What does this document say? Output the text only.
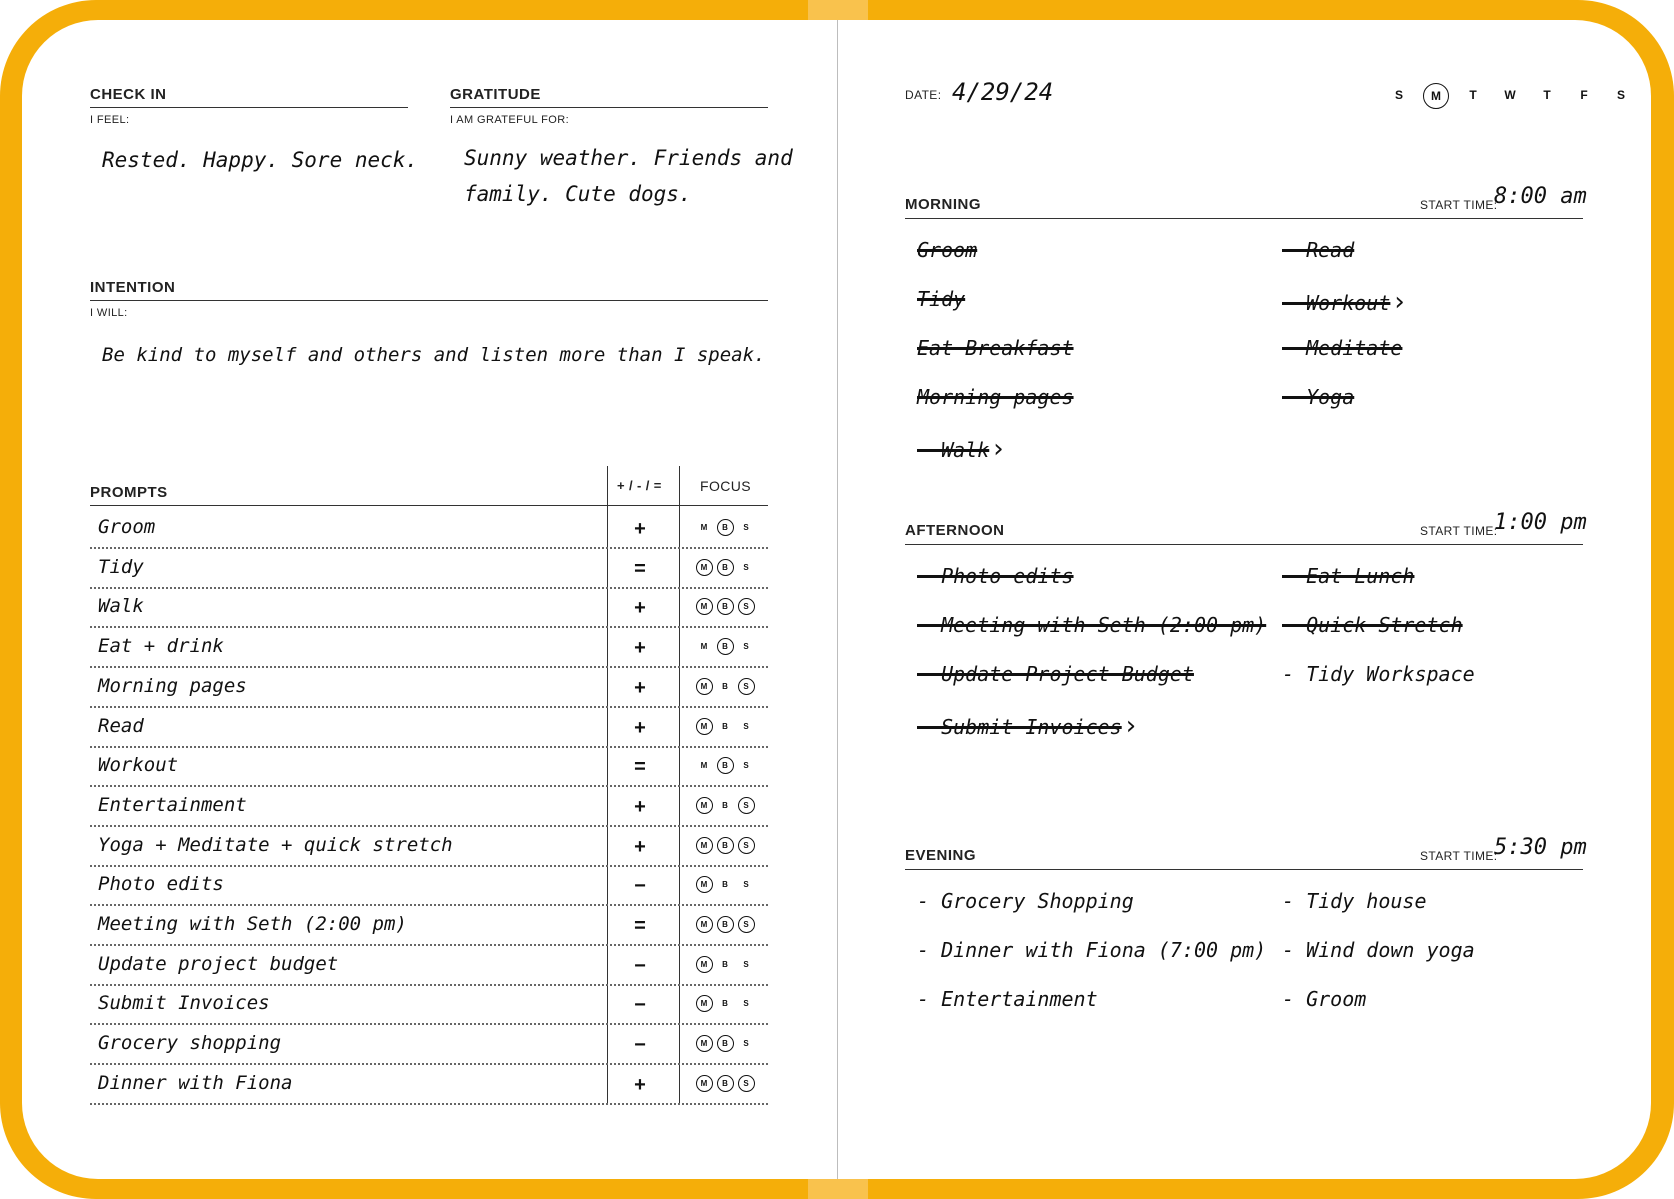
CHECK IN
I FEEL:
Rested. Happy. Sore neck.
GRATITUDE
I AM GRATEFUL FOR:
Sunny weather. Friends and
family. Cute dogs.
INTENTION
I WILL:
Be kind to myself and others and listen more than I speak.
PROMPTS	+ / - / =	FOCUS
Groom	+	M	B	S
Tidy	=	M	B	S
Walk	+	M	B	S
Eat + drink	+	M	B	S
Morning pages	+	M	B	S
Read	+	M	B	S
Workout	=	M	B	S
Entertainment	+	M	B	S
Yoga + Meditate + quick stretch	+	M	B	S
Photo edits	−	M	B	S
Meeting with Seth (2:00 pm)	=	M	B	S
Update project budget	−	M	B	S
Submit Invoices	−	M	B	S
Grocery shopping	−	M	B	S
Dinner with Fiona	+	M	B	S
DATE: 4/29/24	S	M	T	W	T	F	S
MORNING	START TIME:
8:00 am
Groom
Tidy
Eat Breakfast
Morning pages
- Walk ›
- Read
- Workout ›
- Meditate
- Yoga
AFTERNOON	START TIME:
1:00 pm
- Photo edits
- Meeting with Seth (2:00 pm)
- Update Project Budget
- Submit Invoices ›
- Eat Lunch
- Quick Stretch
- Tidy Workspace
EVENING	START TIME:
5:30 pm
- Grocery Shopping
- Dinner with Fiona (7:00 pm)
- Entertainment
- Tidy house
- Wind down yoga
- Groom
